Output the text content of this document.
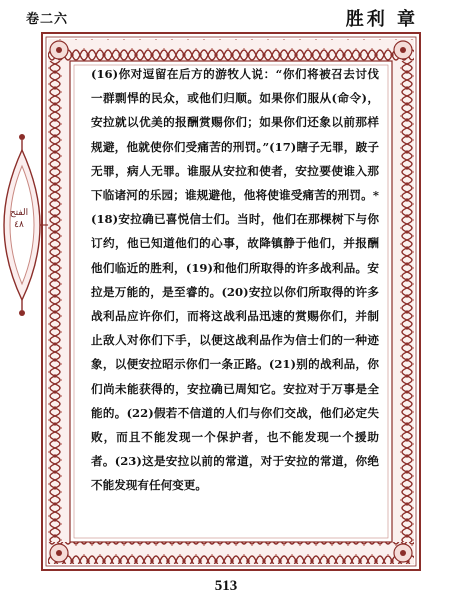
卷二六	胜利 章
الفتح
٤٨

(16)你对逗留在后方的游牧人说：“你们将被召去讨伐一群剽悍的民众，或他们归顺。如果你们服从(命令)，安拉就以优美的报酬赏赐你们；如果你们还象以前那样规避，他就使你们受痛苦的刑罚。”(17)瞎子无罪，跛子无罪，病人无罪。谁服从安拉和使者，安拉要使谁入那下临诸河的乐园；谁规避他，他将使谁受痛苦的刑罚。* (18)安拉确已喜悦信士们。当时，他们在那棵树下与你订约，他已知道他们的心事，故降镇静于他们，并报酬他们临近的胜利，(19)和他们所取得的许多战利品。安拉是万能的，是至睿的。(20)安拉以你们所取得的许多战利品应许你们，而将这战利品迅速的赏赐你们，并制止敌人对你们下手，以便这战利品作为信士们的一种迹象，以便安拉昭示你们一条正路。(21)别的战利品，你们尚未能获得的，安拉确已周知它。安拉对于万事是全能的。(22)假若不信道的人们与你们交战，他们必定失败，而且不能发现一个保护者，也不能发现一个援助者。(23)这是安拉以前的常道，对于安拉的常道，你绝不能发现有任何变更。

513
